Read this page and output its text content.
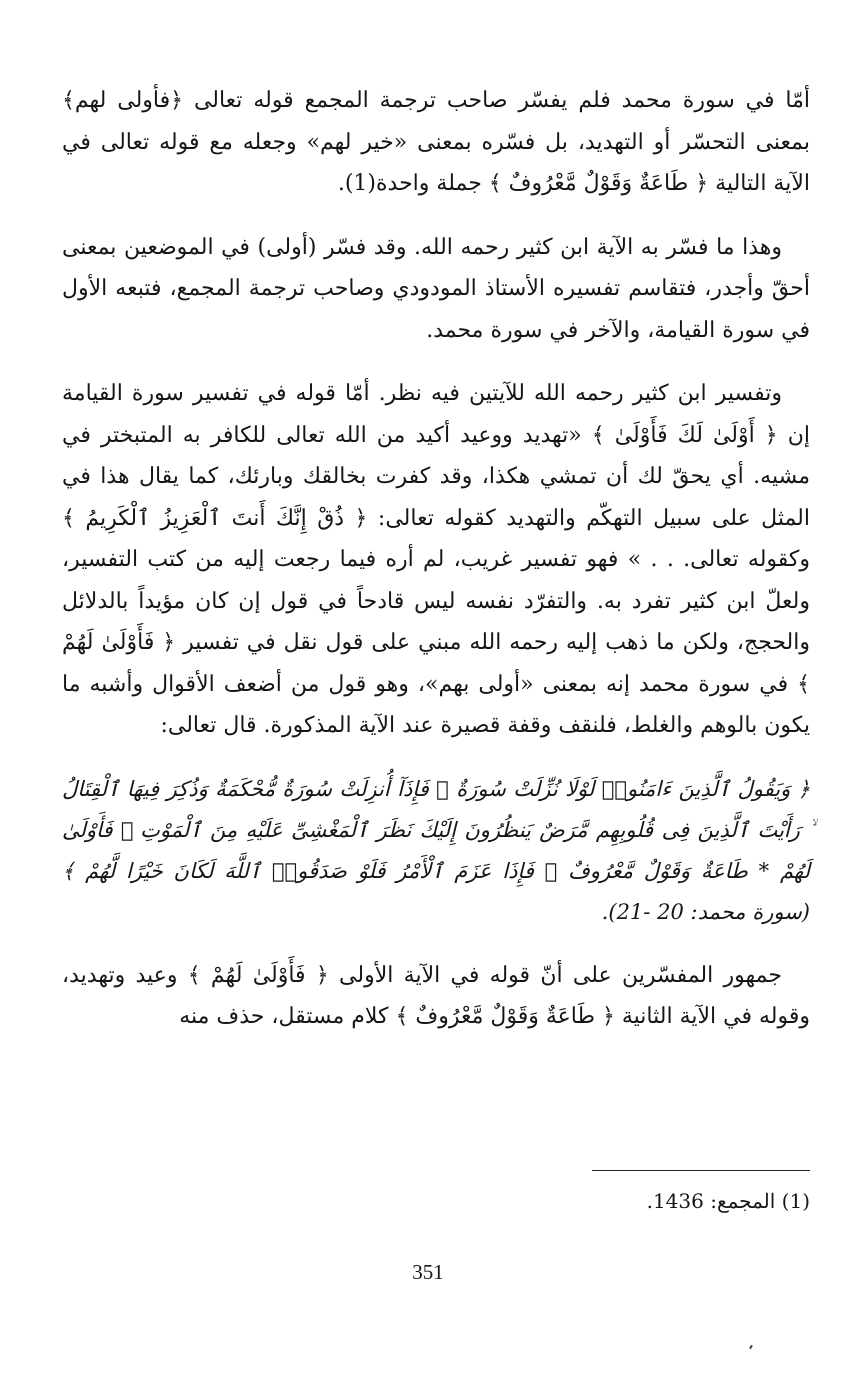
أمّا في سورة محمد فلم يفسّر صاحب ترجمة المجمع قوله تعالى ﴿فأولى لهم﴾ بمعنى التحسّر أو التهديد، بل فسّره بمعنى «خير لهم» وجعله مع قوله تعالى في الآية التالية ﴿ طَاعَةٌ وَقَوْلٌ مَّعْرُوفٌ ﴾ جملة واحدة(1).

وهذا ما فسّر به الآية ابن كثير رحمه الله. وقد فسّر (أولى) في الموضعين بمعنى أحقّ وأجدر، فتقاسم تفسيره الأستاذ المودودي وصاحب ترجمة المجمع، فتبعه الأول في سورة القيامة، والآخر في سورة محمد.

وتفسير ابن كثير رحمه الله للآيتين فيه نظر. أمّا قوله في تفسير سورة القيامة إن ﴿ أَوْلَىٰ لَكَ فَأَوْلَىٰ ﴾ «تهديد ووعيد أكيد من الله تعالى للكافر به المتبختر في مشيه. أي يحقّ لك أن تمشي هكذا، وقد كفرت بخالقك وبارئك، كما يقال هذا في المثل على سبيل التهكّم والتهديد كقوله تعالى: ﴿ ذُقْ إِنَّكَ أَنتَ ٱلْعَزِيزُ ٱلْكَرِيمُ ﴾ وكقوله تعالى. . . » فهو تفسير غريب، لم أره فيما رجعت إليه من كتب التفسير، ولعلّ ابن كثير تفرد به. والتفرّد نفسه ليس قادحاً في قول إن كان مؤيداً بالدلائل والحجج، ولكن ما ذهب إليه رحمه الله مبني على قول نقل في تفسير ﴿ فَأَوْلَىٰ لَهُمْ ﴾ في سورة محمد إنه بمعنى «أولى بهم»، وهو قول من أضعف الأقوال وأشبه ما يكون بالوهم والغلط، فلنقف وقفة قصيرة عند الآية المذكورة. قال تعالى:

﴿ وَيَقُولُ ٱلَّذِينَ ءَامَنُوا۟ لَوْلَا نُزِّلَتْ سُورَةٌ ۖ فَإِذَآ أُنزِلَتْ سُورَةٌ مُّحْكَمَةٌ وَذُكِرَ فِيهَا ٱلْقِتَالُ ۙ رَأَيْتَ ٱلَّذِينَ فِى قُلُوبِهِم مَّرَضٌ يَنظُرُونَ إِلَيْكَ نَظَرَ ٱلْمَغْشِىِّ عَلَيْهِ مِنَ ٱلْمَوْتِ ۖ فَأَوْلَىٰ لَهُمْ * طَاعَةٌ وَقَوْلٌ مَّعْرُوفٌ ۚ فَإِذَا عَزَمَ ٱلْأَمْرُ فَلَوْ صَدَقُوا۟ ٱللَّهَ لَكَانَ خَيْرًا لَّهُمْ ﴾ (سورة محمد: 20 -21).

جمهور المفسّرين على أنّ قوله في الآية الأولى ﴿ فَأَوْلَىٰ لَهُمْ ﴾ وعيد وتهديد، وقوله في الآية الثانية ﴿ طَاعَةٌ وَقَوْلٌ مَّعْرُوفٌ ﴾ كلام مستقل، حذف منه

(1) المجمع: 1436.
351
